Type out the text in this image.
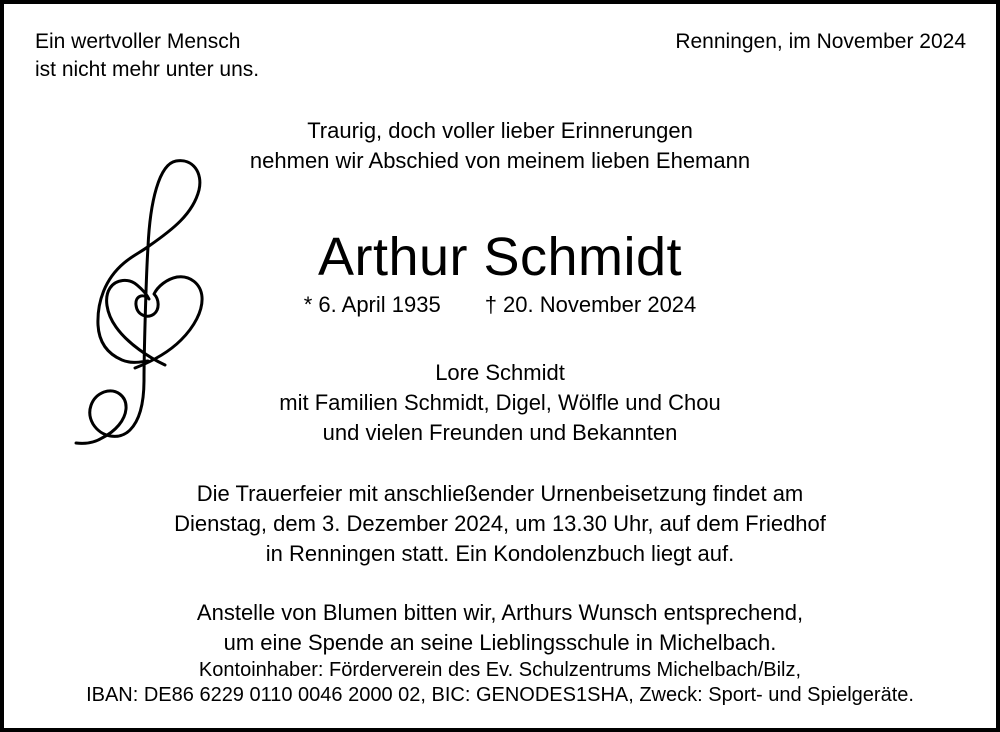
Ein wertvoller Mensch
ist nicht mehr unter uns.
Renningen, im November 2024
Traurig, doch voller lieber Erinnerungen
nehmen wir Abschied von meinem lieben Ehemann
Arthur Schmidt
* 6. April 1935 † 20. November 2024
Lore Schmidt
mit Familien Schmidt, Digel, Wölfle und Chou
und vielen Freunden und Bekannten
Die Trauerfeier mit anschließender Urnenbeisetzung findet am
Dienstag, dem 3. Dezember 2024, um 13.30 Uhr, auf dem Friedhof
in Renningen statt. Ein Kondolenzbuch liegt auf.
Anstelle von Blumen bitten wir, Arthurs Wunsch entsprechend,
um eine Spende an seine Lieblingsschule in Michelbach.
Kontoinhaber: Förderverein des Ev. Schulzentrums Michelbach/Bilz,
IBAN: DE86 6229 0110 0046 2000 02, BIC: GENODES1SHA, Zweck: Sport- und Spielgeräte.
